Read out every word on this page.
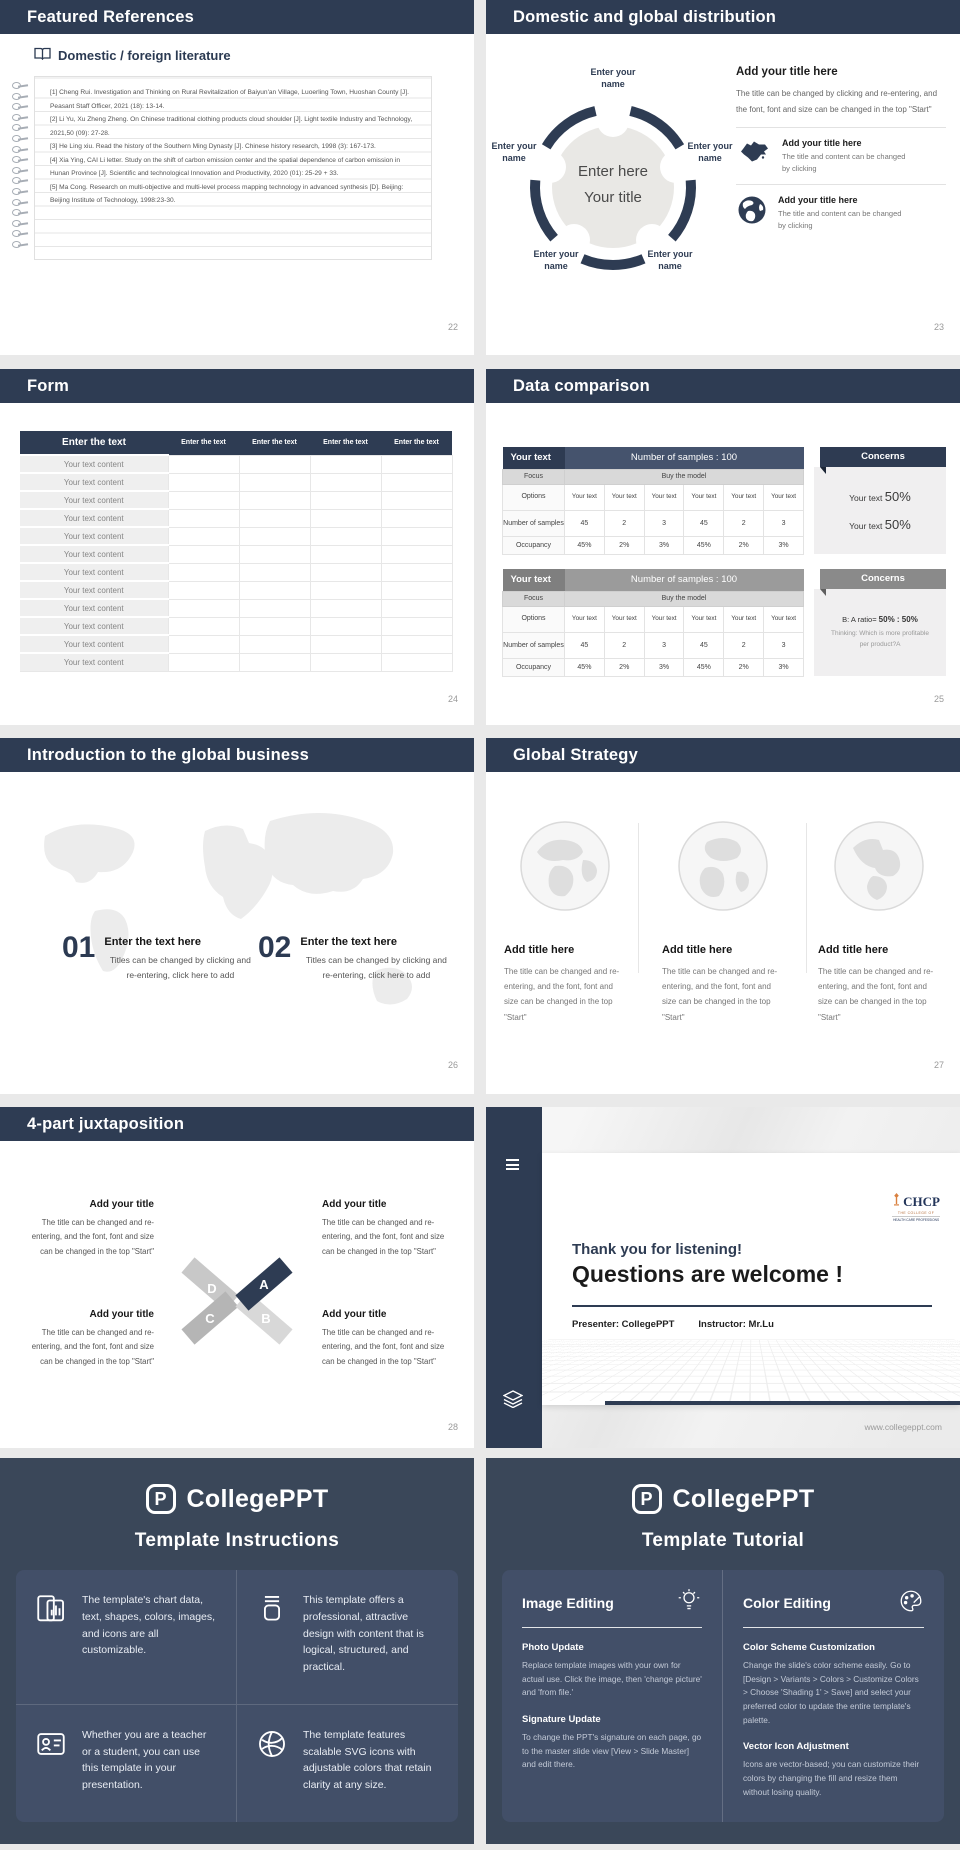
Featured References
Domestic / foreign literature

[1] Cheng Rui. Investigation and Thinking on Rural Revitalization of Baiyun'an Village, Luoerling Town, Huoshan County [J]. Peasant Staff Officer, 2021 (18): 13-14.

[2] Li Yu, Xu Zheng Zheng. On Chinese traditional clothing products cloud shoulder [J]. Light textile Industry and Technology, 2021,50 (09): 27-28.

[3] He Ling xiu. Read the history of the Southern Ming Dynasty [J]. Chinese history research, 1998 (3): 167-173.

[4] Xia Ying, CAI Li letter. Study on the shift of carbon emission center and the spatial dependence of carbon emission in Hunan Province [J]. Scientific and technological Innovation and Productivity, 2020 (01): 25-29 + 33.

[5] Ma Cong. Research on multi-objective and multi-level process mapping technology in advanced synthesis [D]. Beijing: Beijing Institute of Technology, 1998:23-30.

22
Domestic and global distribution
Enter your name
Enter your name
Enter your name
Enter your name
Enter your name
Enter here
Your title
Add your title here
The title can be changed by clicking and re-entering, and the font, font and size can be changed in the top "Start"
Add your title here
The title and content can be changed by clicking
Add your title here
The title and content can be changed by clicking
23
Form
Enter the text	Enter the text	Enter the text	Enter the text	Enter the text
Your text content				
Your text content				
Your text content				
Your text content				
Your text content				
Your text content				
Your text content				
Your text content				
Your text content				
Your text content				
Your text content				
Your text content				
24
Data comparison
Your text	Number of samples : 100					
Focus	Buy the model					
Options	Your text	Your text	Your text	Your text	Your text	Your text
Number of samples	45	2	3	45	2	3
Occupancy	45%	2%	3%	45%	2%	3%
Concerns
Your text 50%
Your text 50%
Your text	Number of samples : 100					
Focus	Buy the model					
Options	Your text	Your text	Your text	Your text	Your text	Your text
Number of samples	45	2	3	45	2	3
Occupancy	45%	2%	3%	45%	2%	3%
Concerns
B: A ratio= 50% : 50%
Thinking: Which is more profitable per product?A
25
Introduction to the global business
01 Enter the text here
Titles can be changed by clicking and re-entering, click here to add
02 Enter the text here
Titles can be changed by clicking and re-entering, click here to add
26
Global Strategy
Add title here
The title can be changed and re-entering, and the font, font and size can be changed in the top "Start"
Add title here
The title can be changed and re-entering, and the font, font and size can be changed in the top "Start"
Add title here
The title can be changed and re-entering, and the font, font and size can be changed in the top "Start"
27
4-part juxtaposition
Add your title
The title can be changed and re-entering, and the font, font and size can be changed in the top "Start"
Add your title
The title can be changed and re-entering, and the font, font and size can be changed in the top "Start"
Add your title
The title can be changed and re-entering, and the font, font and size can be changed in the top "Start"
Add your title
The title can be changed and re-entering, and the font, font and size can be changed in the top "Start"
D	A
C	B
28
CHCP
THE COLLEGE OF
HEALTH CARE PROFESSIONS
Thank you for listening!
Questions are welcome !
Presenter: CollegePPT	Instructor: Mr.Lu
www.collegeppt.com
P CollegePPT
Template Instructions
The template's chart data, text, shapes, colors, images, and icons are all customizable.
This template offers a professional, attractive design with content that is logical, structured, and practical.
Whether you are a teacher or a student, you can use this template in your presentation.
The template features scalable SVG icons with adjustable colors that retain clarity at any size.
P CollegePPT
Template Tutorial
Image Editing
Photo Update
Replace template images with your own for actual use. Click the image, then 'change picture' and 'from file.'
Signature Update
To change the PPT's signature on each page, go to the master slide view [View > Slide Master] and edit there.
Color Editing
Color Scheme Customization
Change the slide's color scheme easily. Go to [Design > Variants > Colors > Customize Colors > Choose 'Shading 1' > Save] and select your preferred color to update the entire template's palette.
Vector Icon Adjustment
Icons are vector-based; you can customize their colors by changing the fill and resize them without losing quality.
